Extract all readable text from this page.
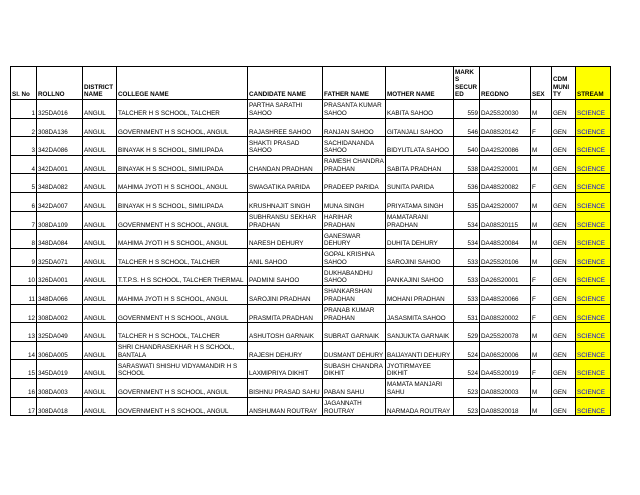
Sl. No	ROLLNO	DISTRICT NAME	COLLEGE NAME	CANDIDATE NAME	FATHER NAME	MOTHER NAME	MARKS SECUR ED	REGDNO	SEX	CDM MUNI TY	STREAM
1	325DA016	ANGUL	TALCHER H S SCHOOL, TALCHER	PARTHA SARATHI SAHOO	PRASANTA KUMAR SAHOO	KABITA SAHOO	559	DA25S20030	M	GEN	SCIENCE
2	308DA136	ANGUL	GOVERNMENT H S SCHOOL, ANGUL	RAJASHREE SAHOO	RANJAN SAHOO	GITANJALI SAHOO	546	DA08S20142	F	GEN	SCIENCE
3	342DA086	ANGUL	BINAYAK H S SCHOOL, SIMILIPADA	SHAKTI PRASAD SAHOO	SACHIDANANDA SAHOO	BIDYUTLATA SAHOO	540	DA42S20086	M	GEN	SCIENCE
4	342DA001	ANGUL	BINAYAK H S SCHOOL, SIMILIPADA	CHANDAN PRADHAN	RAMESH CHANDRA PRADHAN	SABITA PRADHAN	538	DA42S20001	M	GEN	SCIENCE
5	348DA082	ANGUL	MAHIMA JYOTI H S SCHOOL, ANGUL	SWAGATIKA PARIDA	PRADEEP PARIDA	SUNITA PARIDA	536	DA48S20082	F	GEN	SCIENCE
6	342DA007	ANGUL	BINAYAK H S SCHOOL, SIMILIPADA	KRUSHNAJIT SINGH	MUNA SINGH	PRIYATAMA SINGH	535	DA42S20007	M	GEN	SCIENCE
7	308DA109	ANGUL	GOVERNMENT H S SCHOOL, ANGUL	SUBHRANSU SEKHAR PRADHAN	HARIHAR PRADHAN	MAMATARANI PRADHAN	534	DA08S20115	M	GEN	SCIENCE
8	348DA084	ANGUL	MAHIMA JYOTI H S SCHOOL, ANGUL	NARESH DEHURY	GANESWAR DEHURY	DUHITA DEHURY	534	DA48S20084	M	GEN	SCIENCE
9	325DA071	ANGUL	TALCHER H S SCHOOL, TALCHER	ANIL SAHOO	GOPAL KRISHNA SAHOO	SAROJINI SAHOO	533	DA25S20106	M	GEN	SCIENCE
10	326DA001	ANGUL	T.T.P.S. H S SCHOOL, TALCHER THERMAL	PADMINI SAHOO	DUKHABANDHU SAHOO	PANKAJINI SAHOO	533	DA26S20001	F	GEN	SCIENCE
11	348DA066	ANGUL	MAHIMA JYOTI H S SCHOOL, ANGUL	SAROJINI PRADHAN	SHANKARSHAN PRADHAN	MOHANI PRADHAN	533	DA48S20066	F	GEN	SCIENCE
12	308DA002	ANGUL	GOVERNMENT H S SCHOOL, ANGUL	PRASMITA PRADHAN	PRANAB KUMAR PRADHAN	JASASMITA SAHOO	531	DA08S20002	F	GEN	SCIENCE
13	325DA049	ANGUL	TALCHER H S SCHOOL, TALCHER	ASHUTOSH GARNAIK	SUBRAT GARNAIK	SANJUKTA GARNAIK	529	DA25S20078	M	GEN	SCIENCE
14	306DA005	ANGUL	SHRI CHANDRASEKHAR H S SCHOOL, BANTALA	RAJESH DEHURY	DUSMANT DEHURY	BAIJAYANTI DEHURY	524	DA06S20006	M	GEN	SCIENCE
15	345DA019	ANGUL	SARASWATI SHISHU VIDYAMANDIR H S SCHOOL	LAXMIPRIYA DIKHIT	SUBASH CHANDRA DIKHIT	JYOTIRMAYEE DIKHIT	524	DA45S20019	F	GEN	SCIENCE
16	308DA003	ANGUL	GOVERNMENT H S SCHOOL, ANGUL	BISHNU PRASAD SAHU	PABAN SAHU	MAMATA MANJARI SAHU	523	DA08S20003	M	GEN	SCIENCE
17	308DA018	ANGUL	GOVERNMENT H S SCHOOL, ANGUL	ANSHUMAN ROUTRAY	JAGANNATH ROUTRAY	NARMADA ROUTRAY	523	DA08S20018	M	GEN	SCIENCE
